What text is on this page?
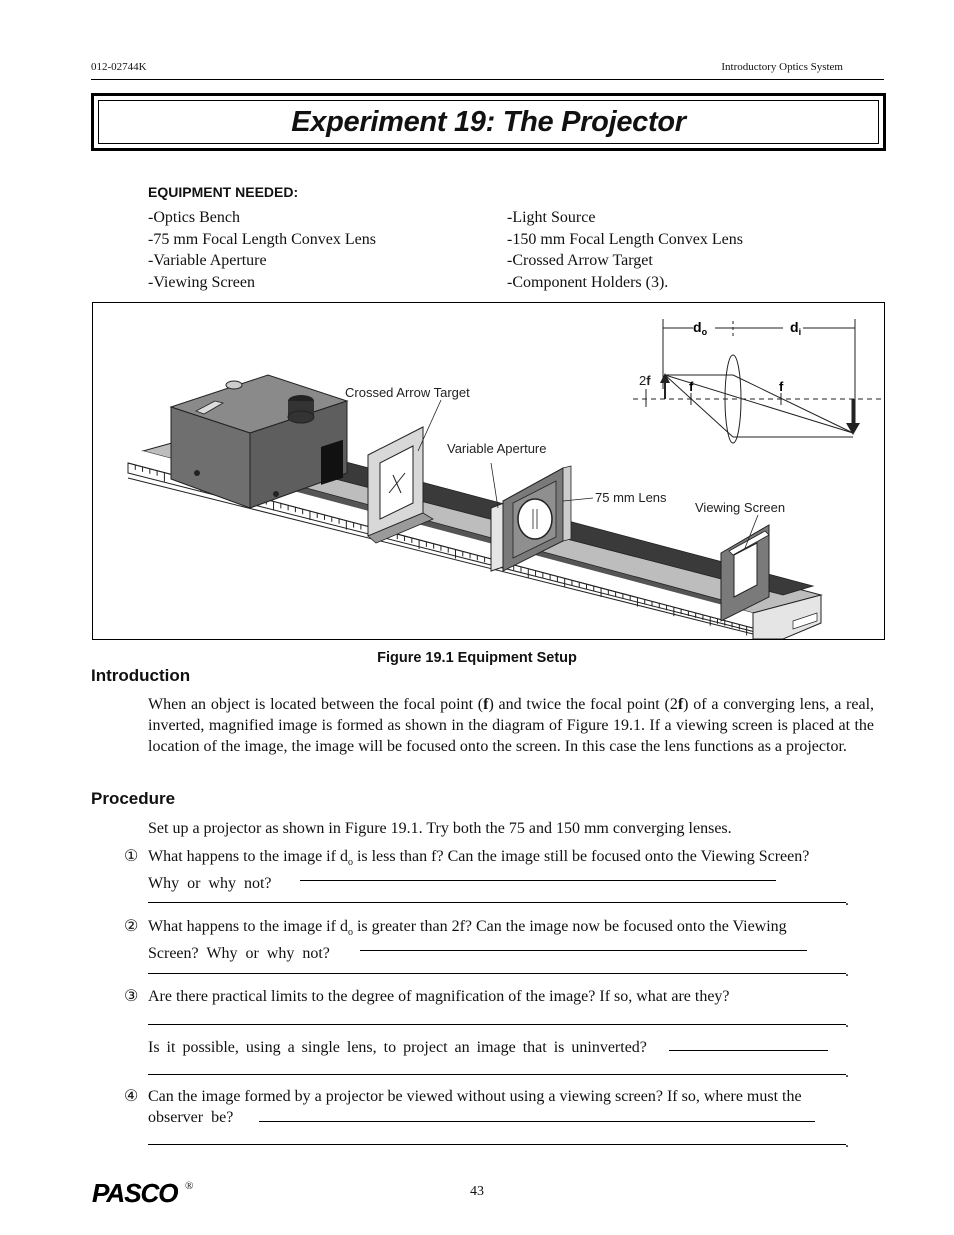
012-02744K	Introductory Optics System
Experiment 19: The Projector
EQUIPMENT NEEDED:
-Optics Bench
-75 mm Focal Length Convex Lens
-Variable Aperture
-Viewing Screen
-Light Source
-150 mm Focal Length Convex Lens
-Crossed Arrow Target
-Component Holders (3).
Crossed Arrow Target
Variable Aperture
75 mm Lens
Viewing Screen
$d_o$	$d_i$
2f	f	f
Figure 19.1 Equipment Setup
Introduction
When an object is located between the focal point (f) and twice the focal point (2f) of a converging lens, a real, inverted, magnified image is formed as shown in the diagram of Figure 19.1. If a viewing screen is placed at the location of the image, the image will be focused onto the screen. In this case the lens functions as a projector.
Procedure
Set up a projector as shown in Figure 19.1. Try both the 75 and 150 mm converging lenses.
① What happens to the image if $d_o$ is less than f? Can the image still be focused onto the Viewing Screen?
Why or why not?
.
② What happens to the image if $d_o$ is greater than 2f? Can the image now be focused onto the Viewing
Screen? Why or why not?
.
③ Are there practical limits to the degree of magnification of the image? If so, what are they?
.
Is it possible, using a single lens, to project an image that is uninverted?
.
④ Can the image formed by a projector be viewed without using a viewing screen? If so, where must the
observer be?
.
PASCO ®	43
